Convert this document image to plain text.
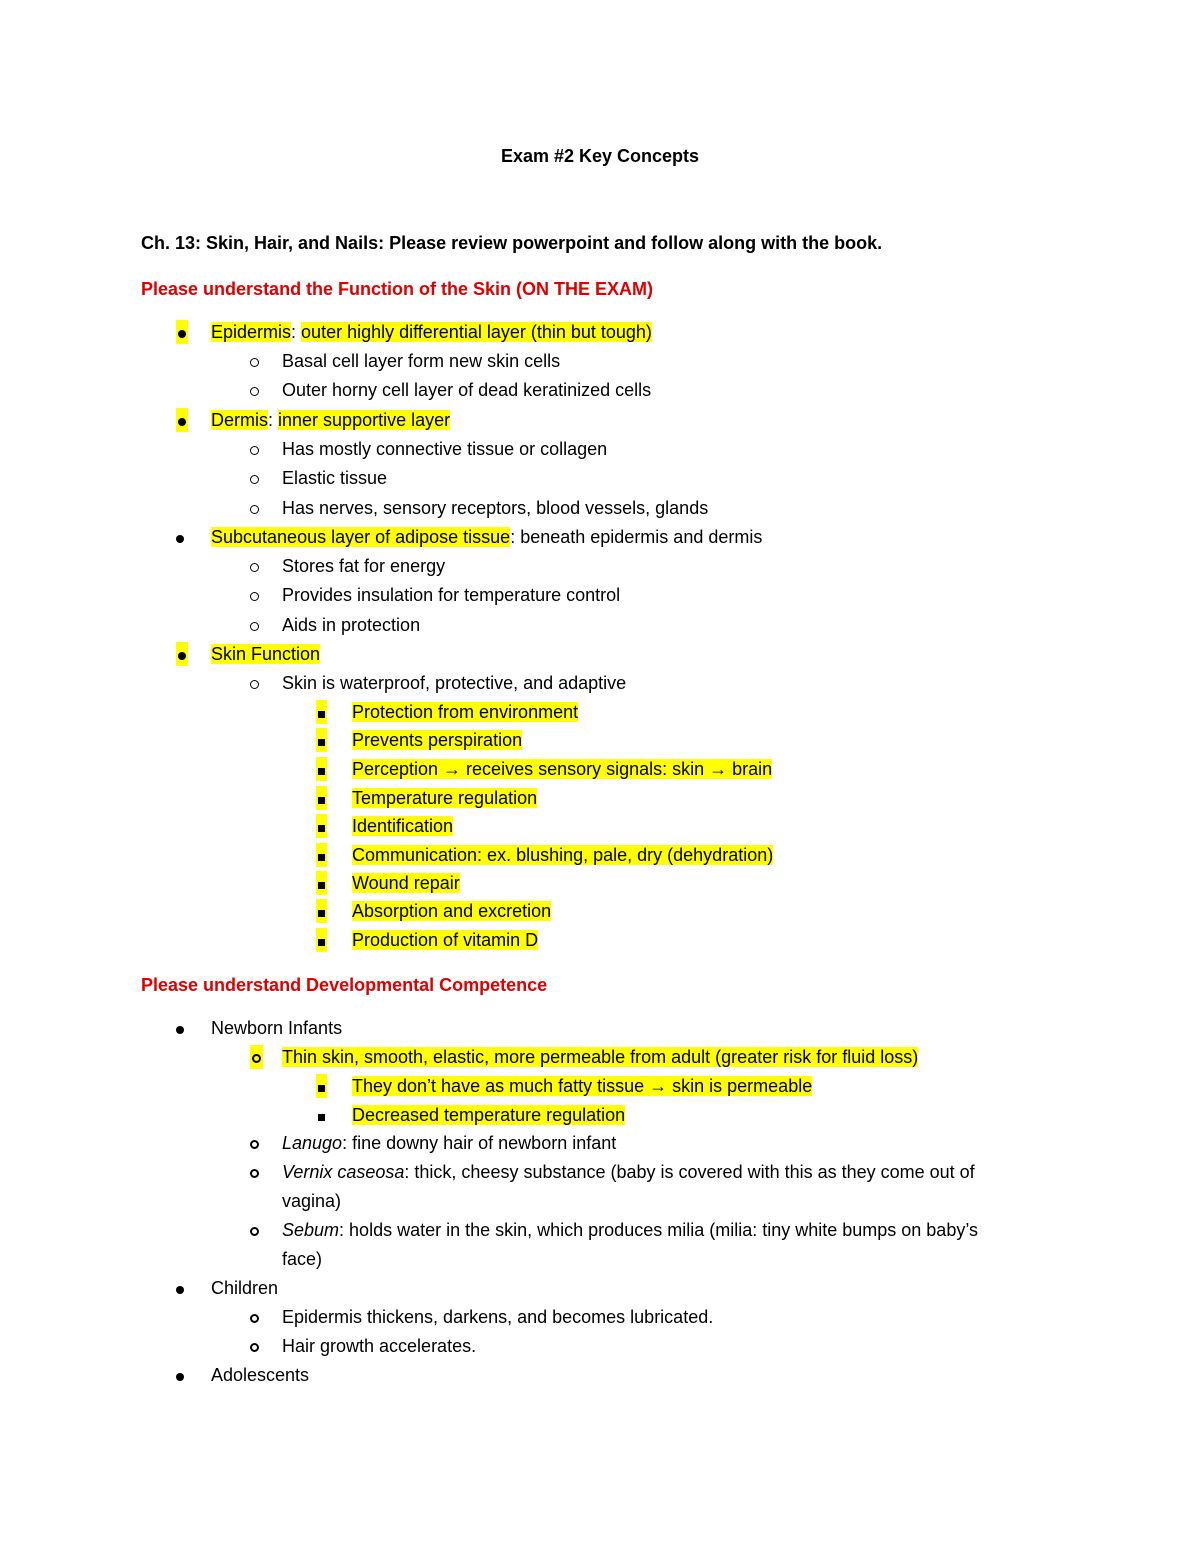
Exam #2 Key Concepts
Ch. 13: Skin, Hair, and Nails: Please review powerpoint and follow along with the book.
Please understand the Function of the Skin (ON THE EXAM)
Epidermis: outer highly differential layer (thin but tough)
Basal cell layer form new skin cells
Outer horny cell layer of dead keratinized cells
Dermis: inner supportive layer
Has mostly connective tissue or collagen
Elastic tissue
Has nerves, sensory receptors, blood vessels, glands
Subcutaneous layer of adipose tissue: beneath epidermis and dermis
Stores fat for energy
Provides insulation for temperature control
Aids in protection
Skin Function
Skin is waterproof, protective, and adaptive
Protection from environment
Prevents perspiration
Perception → receives sensory signals: skin → brain
Temperature regulation
Identification
Communication: ex. blushing, pale, dry (dehydration)
Wound repair
Absorption and excretion
Production of vitamin D
Please understand Developmental Competence
Newborn Infants
Thin skin, smooth, elastic, more permeable from adult (greater risk for fluid loss)
They don’t have as much fatty tissue → skin is permeable
Decreased temperature regulation
Lanugo: fine downy hair of newborn infant
Vernix caseosa: thick, cheesy substance (baby is covered with this as they come out of
vagina)
Sebum: holds water in the skin, which produces milia (milia: tiny white bumps on baby’s
face)
Children
Epidermis thickens, darkens, and becomes lubricated.
Hair growth accelerates.
Adolescents
